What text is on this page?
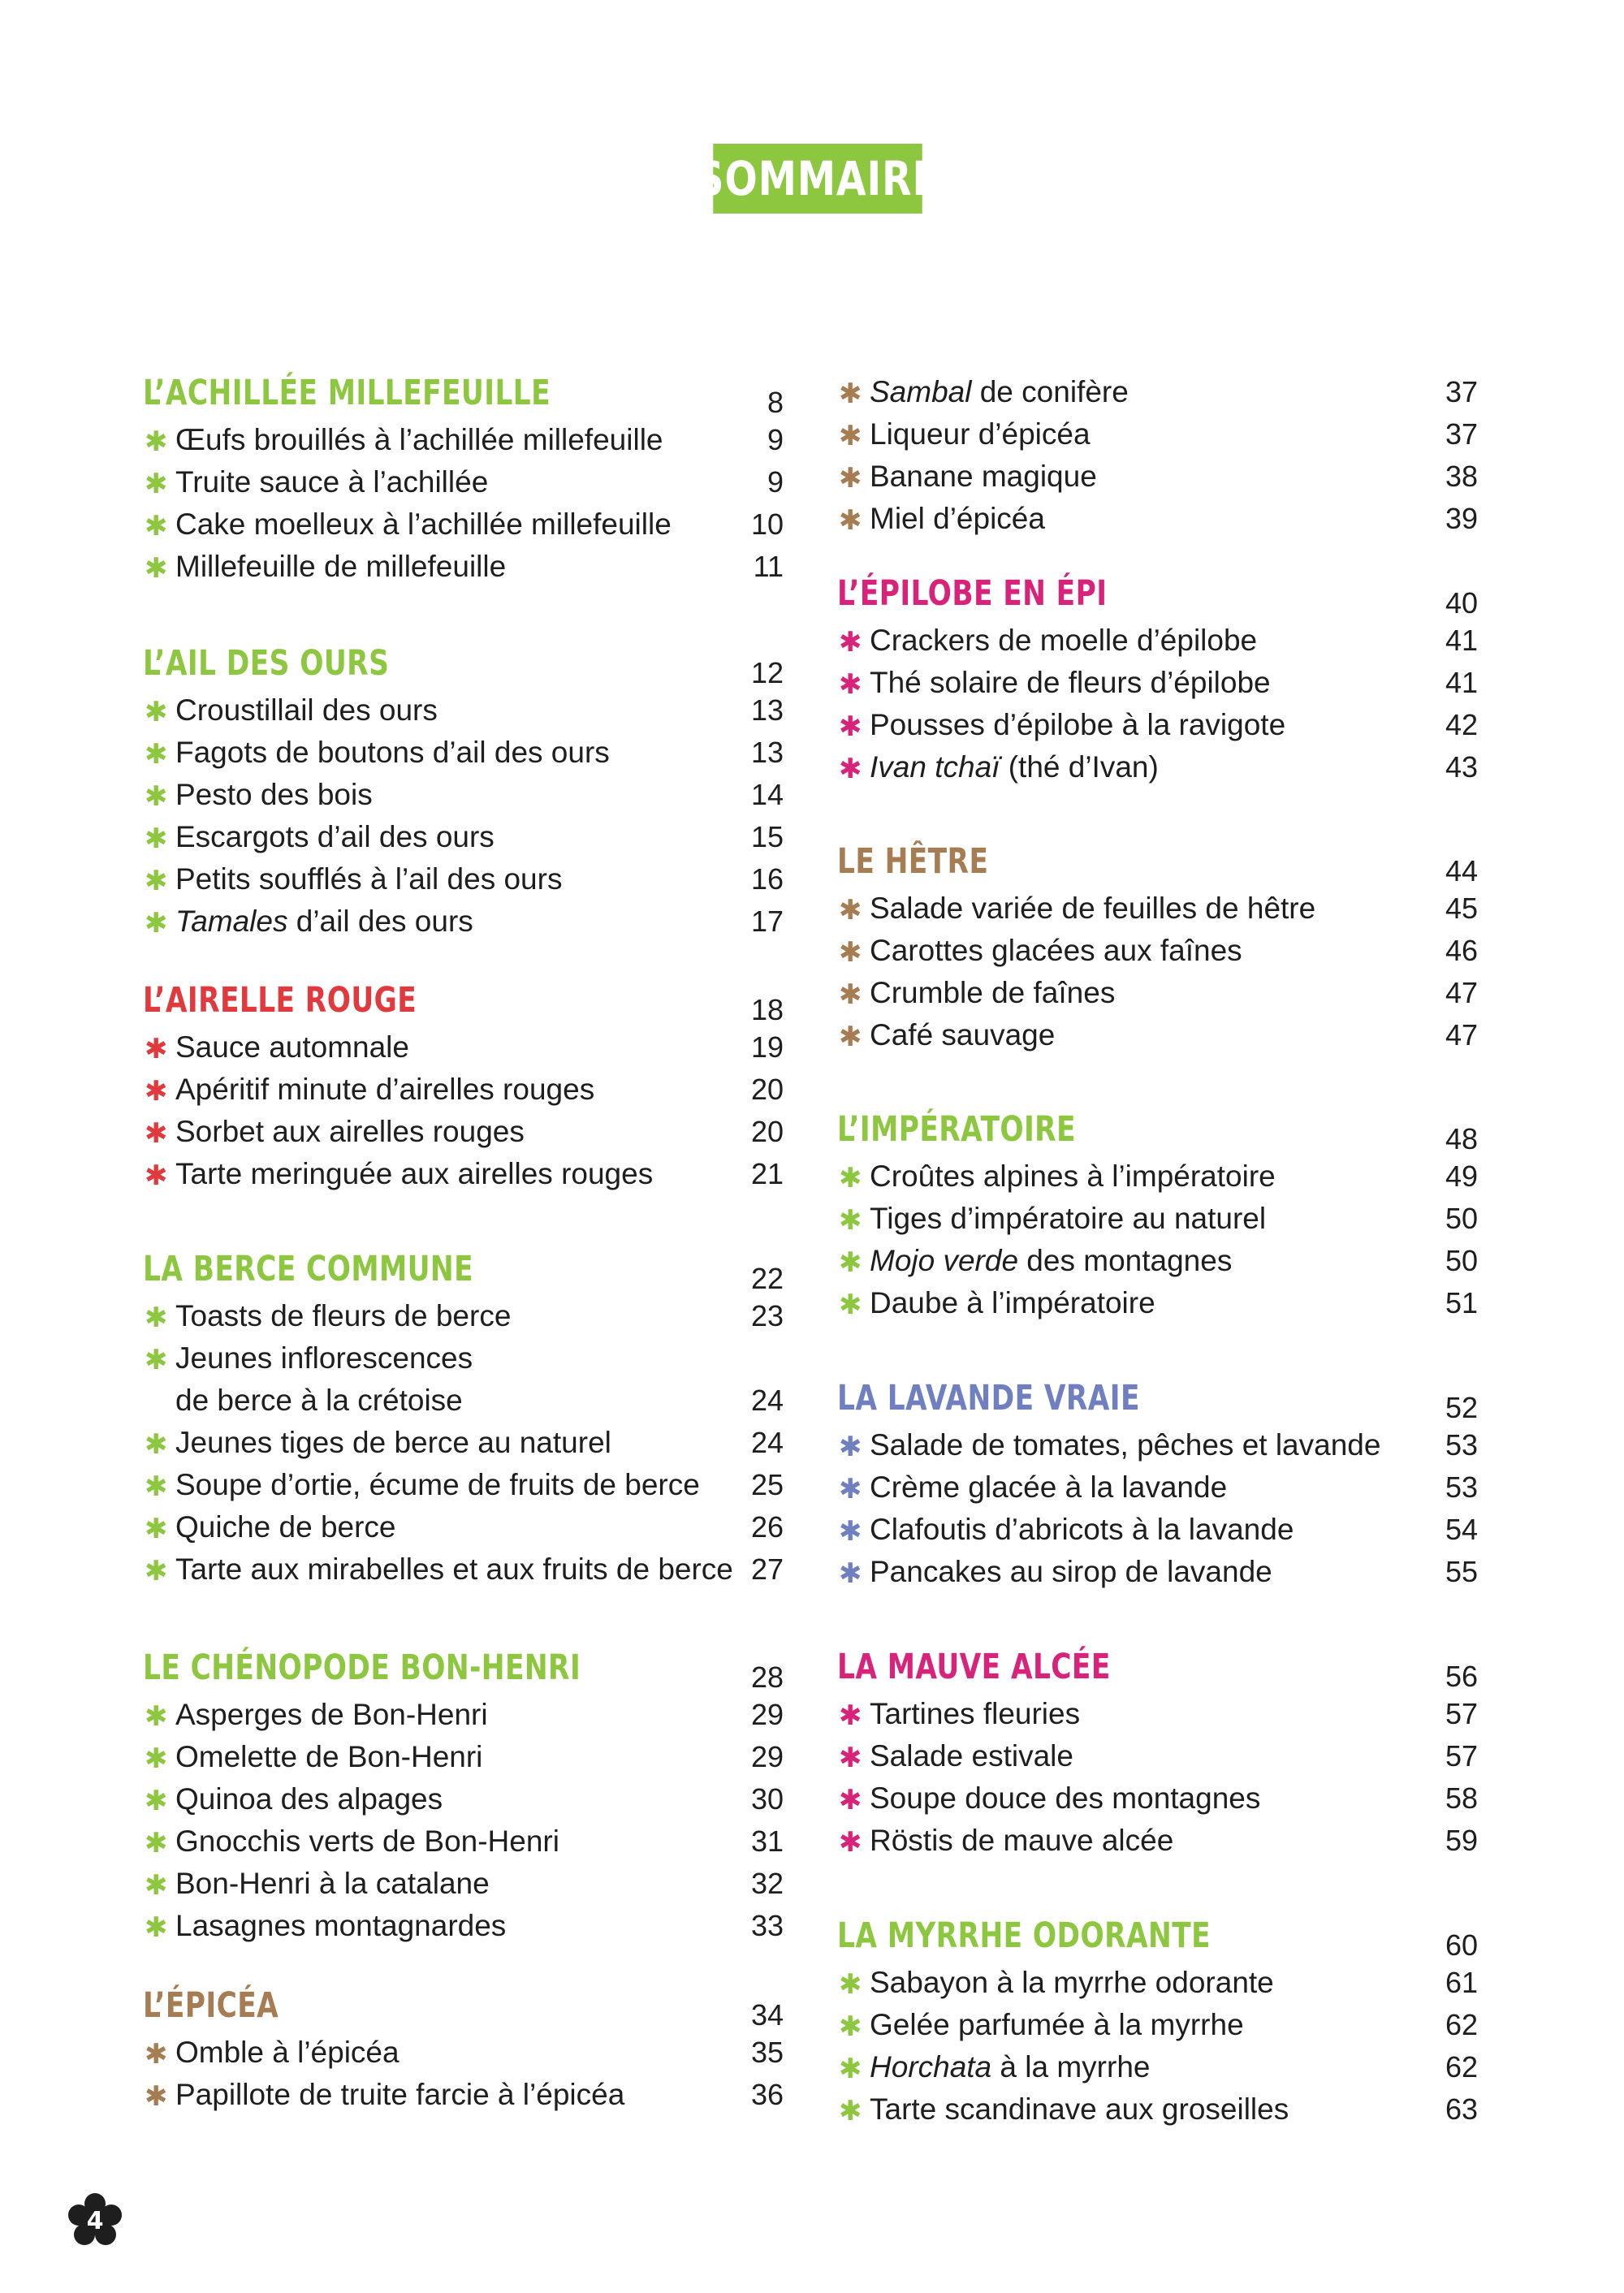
SOMMAIRE
L’ACHILLÉE MILLEFEUILLE	8
✱ Œufs brouillés à l’achillée millefeuille	9
✱ Truite sauce à l’achillée	9
✱ Cake moelleux à l’achillée millefeuille	10
✱ Millefeuille de millefeuille	11
L’AIL DES OURS	12
✱ Croustillail des ours	13
✱ Fagots de boutons d’ail des ours	13
✱ Pesto des bois	14
✱ Escargots d’ail des ours	15
✱ Petits soufflés à l’ail des ours	16
✱ Tamales d’ail des ours	17
L’AIRELLE ROUGE	18
✱ Sauce automnale	19
✱ Apéritif minute d’airelles rouges	20
✱ Sorbet aux airelles rouges	20
✱ Tarte meringuée aux airelles rouges	21
LA BERCE COMMUNE	22
✱ Toasts de fleurs de berce	23
✱ Jeunes inflorescences
de berce à la crétoise	24
✱ Jeunes tiges de berce au naturel	24
✱ Soupe d’ortie, écume de fruits de berce 25
✱ Quiche de berce	26
✱ Tarte aux mirabelles et aux fruits de berce 27
LE CHÉNOPODE BON-HENRI	28
✱ Asperges de Bon-Henri	29
✱ Omelette de Bon-Henri	29
✱ Quinoa des alpages	30
✱ Gnocchis verts de Bon-Henri	31
✱ Bon-Henri à la catalane	32
✱ Lasagnes montagnardes	33
L’ÉPICÉA	34
✱ Omble à l’épicéa	35
✱ Papillote de truite farcie à l’épicéa	36
✱ Sambal de conifère	37
✱ Liqueur d’épicéa	37
✱ Banane magique	38
✱ Miel d’épicéa	39
L’ÉPILOBE EN ÉPI	40
✱ Crackers de moelle d’épilobe	41
✱ Thé solaire de fleurs d’épilobe	41
✱ Pousses d’épilobe à la ravigote	42
✱ Ivan tchaï (thé d’Ivan)	43
LE HÊTRE	44
✱ Salade variée de feuilles de hêtre	45
✱ Carottes glacées aux faînes	46
✱ Crumble de faînes	47
✱ Café sauvage	47
L’IMPÉRATOIRE	48
✱ Croûtes alpines à l’impératoire	49
✱ Tiges d’impératoire au naturel	50
✱ Mojo verde des montagnes	50
✱ Daube à l’impératoire	51
LA LAVANDE VRAIE	52
✱ Salade de tomates, pêches et lavande 53
✱ Crème glacée à la lavande	53
✱ Clafoutis d’abricots à la lavande	54
✱ Pancakes au sirop de lavande	55
LA MAUVE ALCÉE	56
✱ Tartines fleuries	57
✱ Salade estivale	57
✱ Soupe douce des montagnes	58
✱ Röstis de mauve alcée	59
LA MYRRHE ODORANTE	60
✱ Sabayon à la myrrhe odorante	61
✱ Gelée parfumée à la myrrhe	62
✱ Horchata à la myrrhe	62
✱ Tarte scandinave aux groseilles	63
4
